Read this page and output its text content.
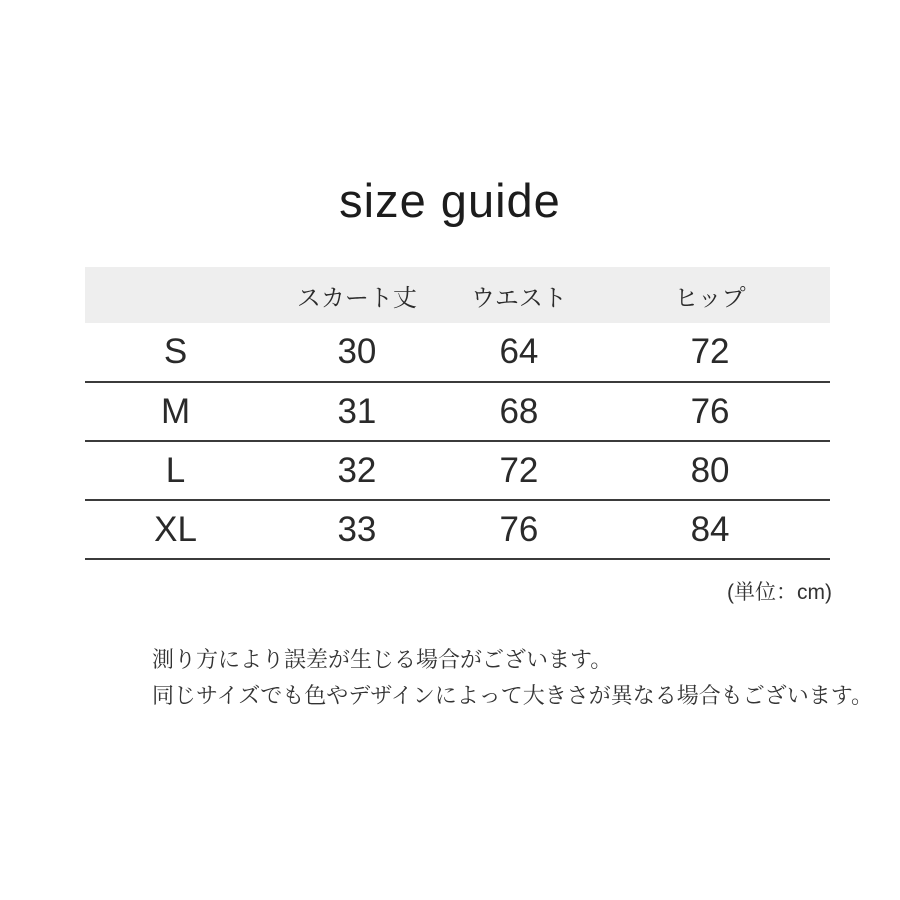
size guide
	スカート丈	ウエスト	ヒップ
S	30	64	72
M	31	68	76
L	32	72	80
XL	33	76	84
(単位：cm)

測り方により誤差が生じる場合がございます。

同じサイズでも色やデザインによって大きさが異なる場合もございます。
